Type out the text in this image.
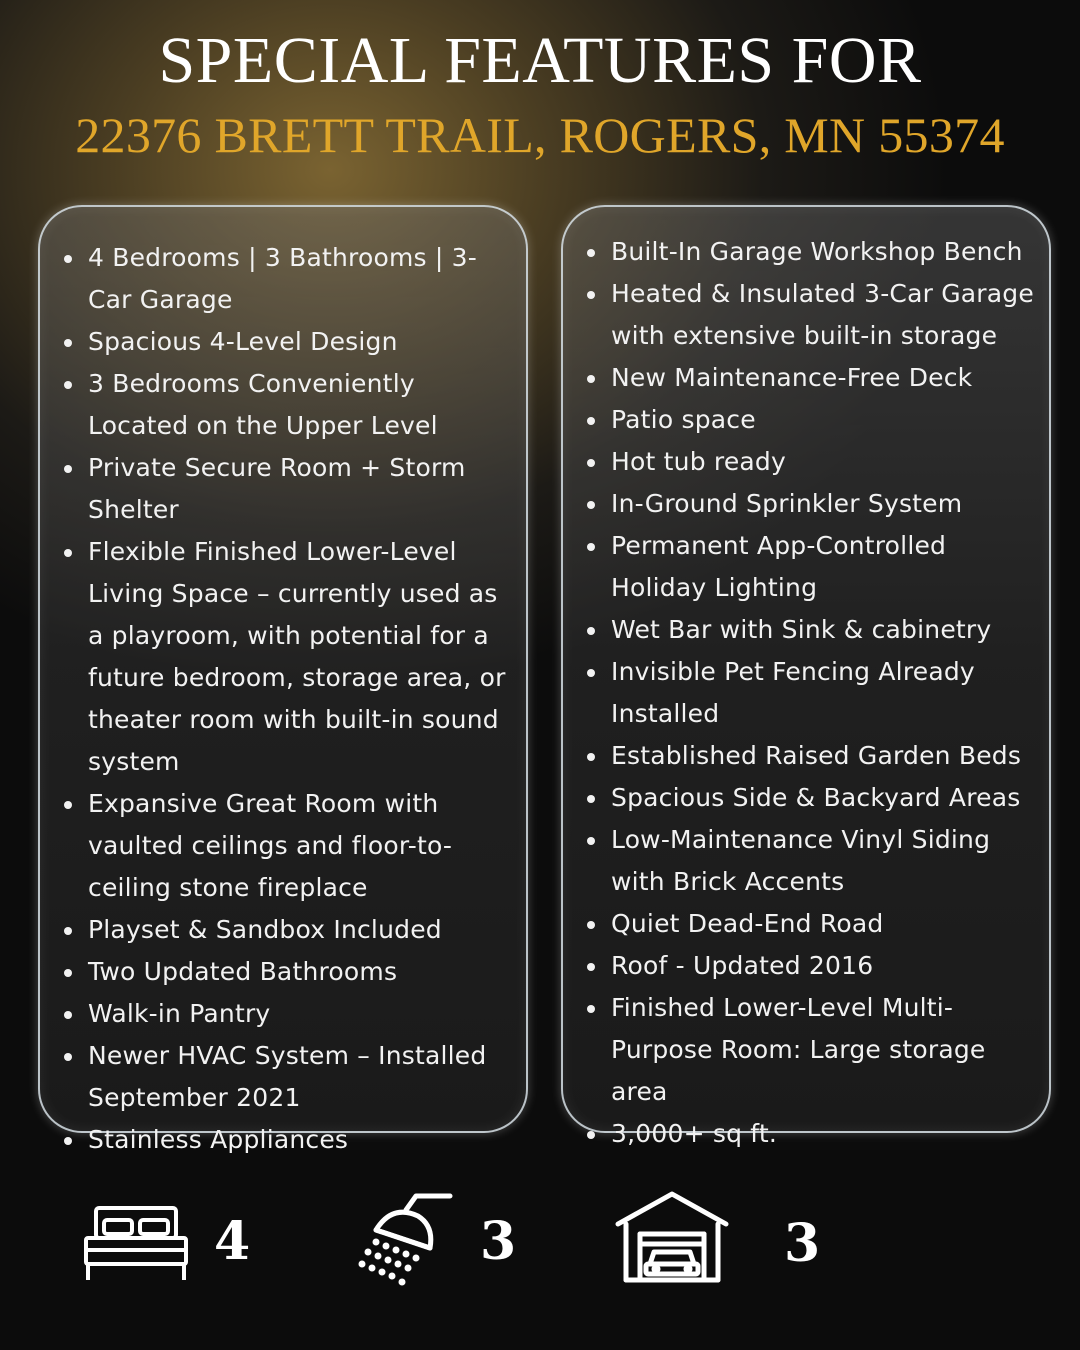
SPECIAL FEATURES FOR
22376 BRETT TRAIL, ROGERS, MN 55374
4 Bedrooms | 3 Bathrooms | 3-Car Garage
Spacious 4-Level Design
3 Bedrooms Conveniently Located on the Upper Level
Private Secure Room + Storm Shelter
Flexible Finished Lower-Level Living Space – currently used as a playroom, with potential for a future bedroom, storage area, or theater room with built-in sound system
Expansive Great Room with vaulted ceilings and floor-to-ceiling stone fireplace
Playset & Sandbox Included
Two Updated Bathrooms
Walk-in Pantry
Newer HVAC System – Installed September 2021
Stainless Appliances
Built-In Garage Workshop Bench
Heated & Insulated 3-Car Garage with extensive built-in storage
New Maintenance-Free Deck
Patio space
Hot tub ready
In-Ground Sprinkler System
Permanent App-Controlled Holiday Lighting
Wet Bar with Sink & cabinetry
Invisible Pet Fencing Already Installed
Established Raised Garden Beds
Spacious Side & Backyard Areas
Low-Maintenance Vinyl Siding with Brick Accents
Quiet Dead-End Road
Roof - Updated 2016
Finished Lower-Level Multi-Purpose Room: Large storage area
3,000+ sq ft.
4	3	3
